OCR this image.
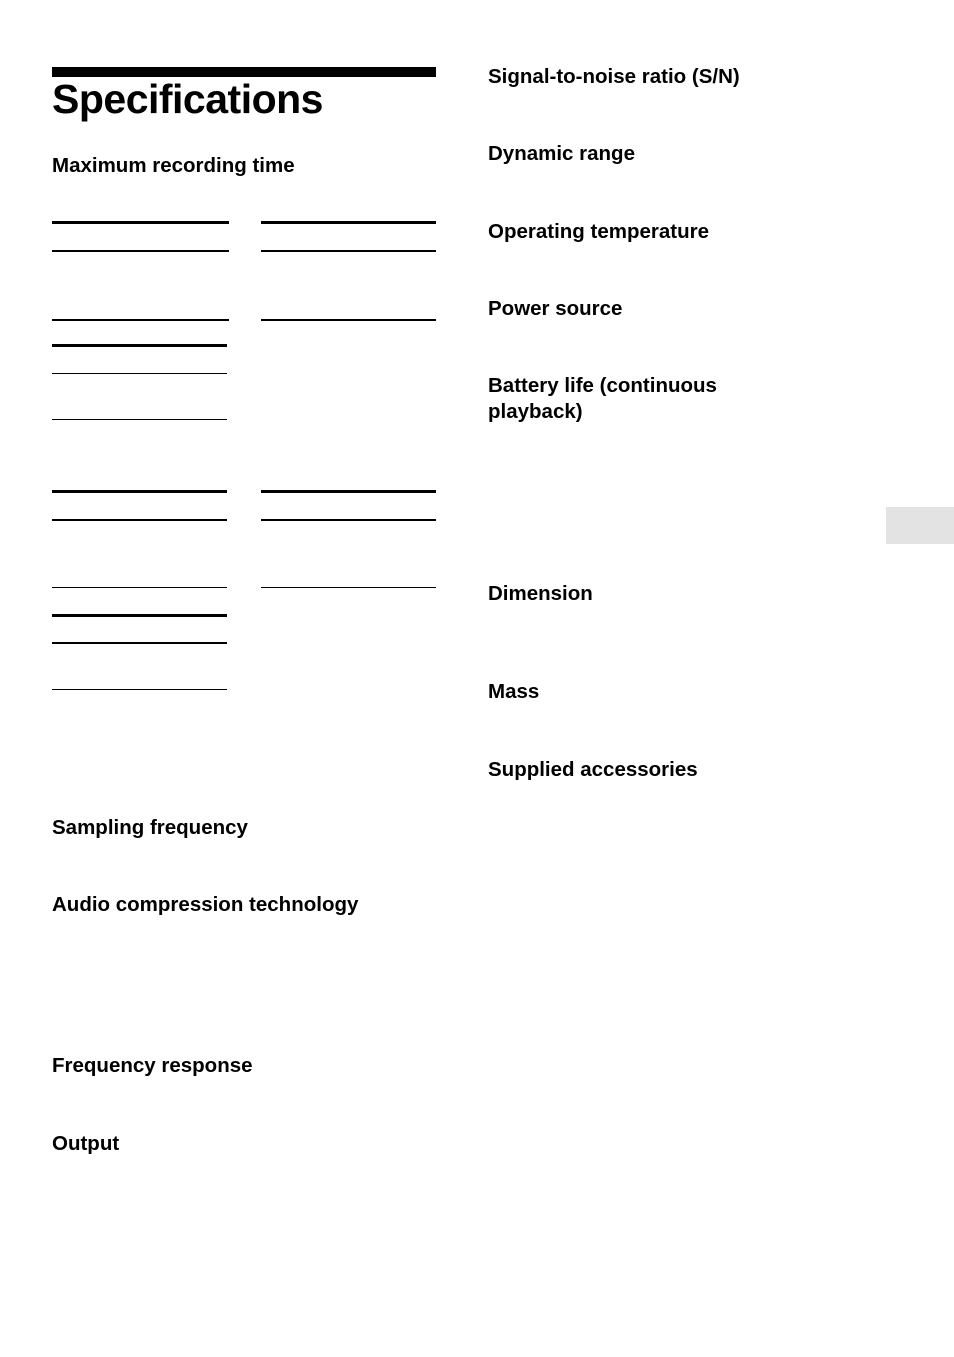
Specifications
Maximum recording time
Sampling frequency
Audio compression technology
Frequency response
Output
Signal-to-noise ratio (S/N)
Dynamic range
Operating temperature
Power source
Battery life (continuous playback)
Dimension
Mass
Supplied accessories
